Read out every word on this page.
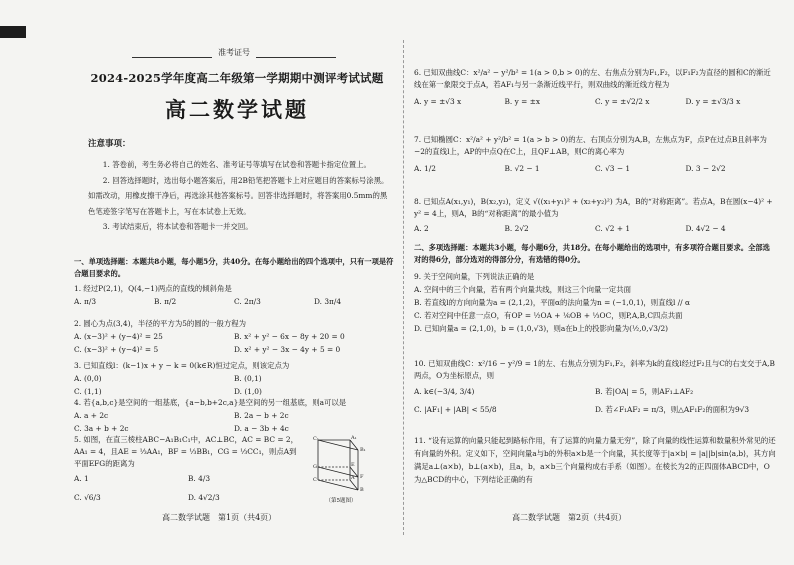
准考证号
2024-2025学年度高二年级第一学期期中测评考试试题
高二数学试题
注意事项：

1. 答卷前，考生务必将自己的姓名、准考证号等填写在试卷和答题卡指定位置上。

2. 回答选择题时，选出每小题答案后，用2B铅笔把答题卡上对应题目的答案标号涂黑。如需改动，用橡皮擦干净后，再选涂其他答案标号。回答非选择题时，将答案用0.5mm的黑色笔迹签字笔写在答题卡上，写在本试卷上无效。

3. 考试结束后，将本试卷和答题卡一并交回。

一、单项选择题：本题共8小题，每小题5分，共40分。在每小题给出的四个选项中，只有一项是符合题目要求的。
1. 经过P(2,1)，Q(4,−1)两点的直线的倾斜角是
A. π/3	B. π/2	C. 2π/3	D. 3π/4
2. 圆心为点(3,4)，半径的平方为5的圆的一般方程为
A. (x−3)² + (y−4)² = 25	B. x² + y² − 6x − 8y + 20 = 0
C. (x−3)² + (y−4)² = 5	D. x² + y² − 3x − 4y + 5 = 0
3. 已知直线l：(k−1)x + y − k = 0(k∈R)恒过定点，则该定点为
A. (0,0)	B. (0,1)
C. (1,1)	D. (1,0)
4. 若{a,b,c}是空间的一组基底，{a−b,b+2c,a}是空间的另一组基底，则a可以是
A. a + 2c	B. 2a − b + 2c
C. 3a + b + 2c	D. a − 3b + 4c
5. 如图，在直三棱柱ABC−A₁B₁C₁中，AC⊥BC，AC = BC = 2，AA₁ = 4，且AE = ⅓AA₁，BF = ⅓BB₁，CG = ⅓CC₁，则点A到平面EFG的距离为
A. 1	B. 4/3
C. √6/3	D. 4√2/3
C₁	A₁
B₁
G	E
F
C	A
B
（第5题图）
高二数学试题　第1页（共4页）
6. 已知双曲线C：x²/a² − y²/b² = 1(a > 0,b > 0)的左、右焦点分别为F₁,F₂，以F₁F₂为直径的圆和C的渐近线在第一象限交于点A，若AF₁与另一条渐近线平行，则双曲线的渐近线方程为
A. y = ±√3 x	B. y = ±x	C. y = ±√2/2 x	D. y = ±√3/3 x
7. 已知椭圆C：x²/a² + y²/b² = 1(a > b > 0)的左、右顶点分别为A,B，左焦点为F，点P在过点B且斜率为−2的直线l上，AP的中点Q在C上，且QF⊥AB，则C的离心率为
A. 1/2	B. √2 − 1	C. √3 − 1	D. 3 − 2√2
8. 已知点A(x₁,y₁)，B(x₂,y₂)，定义 √((x₁+y₁)² + (x₂+y₂)²) 为A，B的“对称距离”。若点A，B在圆(x−4)² + y² = 4上，则A，B的“对称距离”的最小值为
A. 2	B. 2√2	C. √2 + 1	D. 4√2 − 4
二、多项选择题：本题共3小题，每小题6分，共18分。在每小题给出的选项中，有多项符合题目要求。全部选对的得6分，部分选对的得部分分，有选错的得0分。
9. 关于空间向量，下列说法正确的是
A. 空间中的三个向量，若有两个向量共线，则这三个向量一定共面
B. 若直线l的方向向量为a = (2,1,2)，平面α的法向量为n = (−1,0,1)，则直线l // α
C. 若对空间中任意一点O，有OP = ½OA + ⅙OB + ⅓OC，则P,A,B,C四点共面
D. 已知向量a = (2,1,0)，b = (1,0,√3)，则a在b上的投影向量为(½,0,√3/2)
10. 已知双曲线C：x²/16 − y²/9 = 1的左、右焦点分别为F₁,F₂，斜率为k的直线l经过F₂且与C的右支交于A,B两点，O为坐标原点，则
A. k∈(−3/4, 3/4)	B. 若|OA| = 5，则AF₁⊥AF₂
C. |AF₁| + |AB| < 55/8	D. 若∠F₁AF₂ = π/3，则△AF₁F₂的面积为9√3
11. “设有运算的向量只能起到路标作用，有了运算的向量力量无穷”，除了向量的线性运算和数量积外常见的还有向量的外积。定义如下，空间向量a与b的外积a×b是一个向量，其长度等于|a×b| = |a||b|sin⟨a,b⟩，其方向满足a⊥(a×b)，b⊥(a×b)，且a，b，a×b三个向量构成右手系（如图）。在棱长为2的正四面体ABCD中，O为△BCD的中心，下列结论正确的有
高二数学试题　第2页（共4页）
